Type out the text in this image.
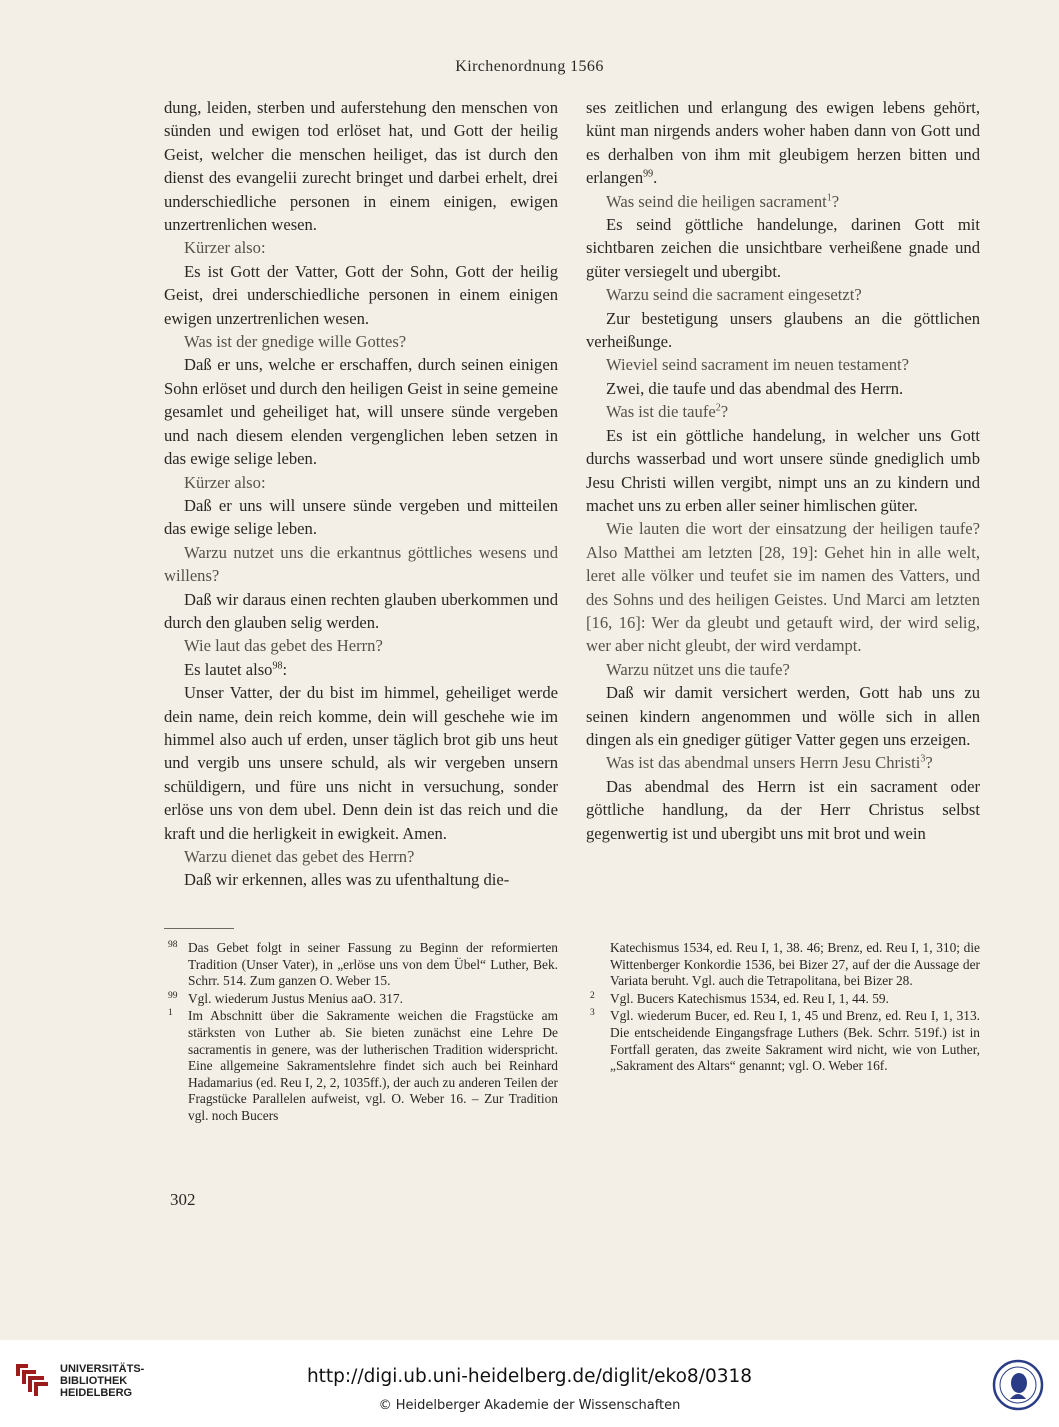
Kirchenordnung 1566

dung, leiden, sterben und auferstehung den menschen von sünden und ewigen tod erlöset hat, und Gott der heilig Geist, welcher die menschen heiliget, das ist durch den dienst des evangelii zurecht bringet und darbei erhelt, drei underschiedliche personen in einem einigen, ewigen unzertrenlichen wesen.

Kürzer also:

Es ist Gott der Vatter, Gott der Sohn, Gott der heilig Geist, drei underschiedliche personen in einem einigen ewigen unzertrenlichen wesen.

Was ist der gnedige wille Gottes?

Daß er uns, welche er erschaffen, durch seinen einigen Sohn erlöset und durch den heiligen Geist in seine gemeine gesamlet und geheiliget hat, will unsere sünde vergeben und nach diesem elenden vergenglichen leben setzen in das ewige selige leben.

Kürzer also:

Daß er uns will unsere sünde vergeben und mitteilen das ewige selige leben.

Warzu nutzet uns die erkantnus göttliches wesens und willens?

Daß wir daraus einen rechten glauben uberkommen und durch den glauben selig werden.

Wie laut das gebet des Herrn?

Es lautet also$^{98}$:

Unser Vatter, der du bist im himmel, geheiliget werde dein name, dein reich komme, dein will geschehe wie im himmel also auch uf erden, unser täglich brot gib uns heut und vergib uns unsere schuld, als wir vergeben unsern schüldigern, und füre uns nicht in versuchung, sonder erlöse uns von dem ubel. Denn dein ist das reich und die kraft und die herligkeit in ewigkeit. Amen.

Warzu dienet das gebet des Herrn?

Daß wir erkennen, alles was zu ufenthaltung die-

ses zeitlichen und erlangung des ewigen lebens gehört, künt man nirgends anders woher haben dann von Gott und es derhalben von ihm mit gleubigem herzen bitten und erlangen$^{99}$.

Was seind die heiligen sacrament$^1$?

Es seind göttliche handelunge, darinen Gott mit sichtbaren zeichen die unsichtbare verheißene gnade und güter versiegelt und ubergibt.

Warzu seind die sacrament eingesetzt?

Zur bestetigung unsers glaubens an die göttlichen verheißunge.

Wieviel seind sacrament im neuen testament?

Zwei, die taufe und das abendmal des Herrn.

Was ist die taufe$^2$?

Es ist ein göttliche handelung, in welcher uns Gott durchs wasserbad und wort unsere sünde gnediglich umb Jesu Christi willen vergibt, nimpt uns an zu kindern und machet uns zu erben aller seiner himlischen güter.

Wie lauten die wort der einsatzung der heiligen taufe? Also Matthei am letzten [28, 19]: Gehet hin in alle welt, leret alle völker und teufet sie im namen des Vatters, und des Sohns und des heiligen Geistes. Und Marci am letzten [16, 16]: Wer da gleubt und getauft wird, der wird selig, wer aber nicht gleubt, der wird verdampt.

Warzu nützet uns die taufe?

Daß wir damit versichert werden, Gott hab uns zu seinen kindern angenommen und wölle sich in allen dingen als ein gnediger gütiger Vatter gegen uns erzeigen.

Was ist das abendmal unsers Herrn Jesu Christi$^3$?

Das abendmal des Herrn ist ein sacrament oder göttliche handlung, da der Herr Christus selbst gegenwertig ist und ubergibt uns mit brot und wein

98 Das Gebet folgt in seiner Fassung zu Beginn der reformierten Tradition (Unser Vater), in „erlöse uns von dem Übel“ Luther, Bek. Schrr. 514. Zum ganzen O. Weber 15.
99 Vgl. wiederum Justus Menius aaO. 317.
1 Im Abschnitt über die Sakramente weichen die Fragstücke am stärksten von Luther ab. Sie bieten zunächst eine Lehre De sacramentis in genere, was der lutherischen Tradition widerspricht. Eine allgemeine Sakramentslehre findet sich auch bei Reinhard Hadamarius (ed. Reu I, 2, 2, 1035ff.), der auch zu anderen Teilen der Fragstücke Parallelen aufweist, vgl. O. Weber 16. – Zur Tradition vgl. noch Bucers
Katechismus 1534, ed. Reu I, 1, 38. 46; Brenz, ed. Reu I, 1, 310; die Wittenberger Konkordie 1536, bei Bizer 27, auf der die Aussage der Variata beruht. Vgl. auch die Tetrapolitana, bei Bizer 28.
2 Vgl. Bucers Katechismus 1534, ed. Reu I, 1, 44. 59.
3 Vgl. wiederum Bucer, ed. Reu I, 1, 45 und Brenz, ed. Reu I, 1, 313. Die entscheidende Eingangsfrage Luthers (Bek. Schrr. 519f.) ist in Fortfall geraten, das zweite Sakrament wird nicht, wie von Luther, „Sakrament des Altars“ genannt; vgl. O. Weber 16f.
302
UNIVERSITÄTS-
BIBLIOTHEK
HEIDELBERG
http://digi.ub.uni-heidelberg.de/diglit/eko8/0318
© Heidelberger Akademie der Wissenschaften
